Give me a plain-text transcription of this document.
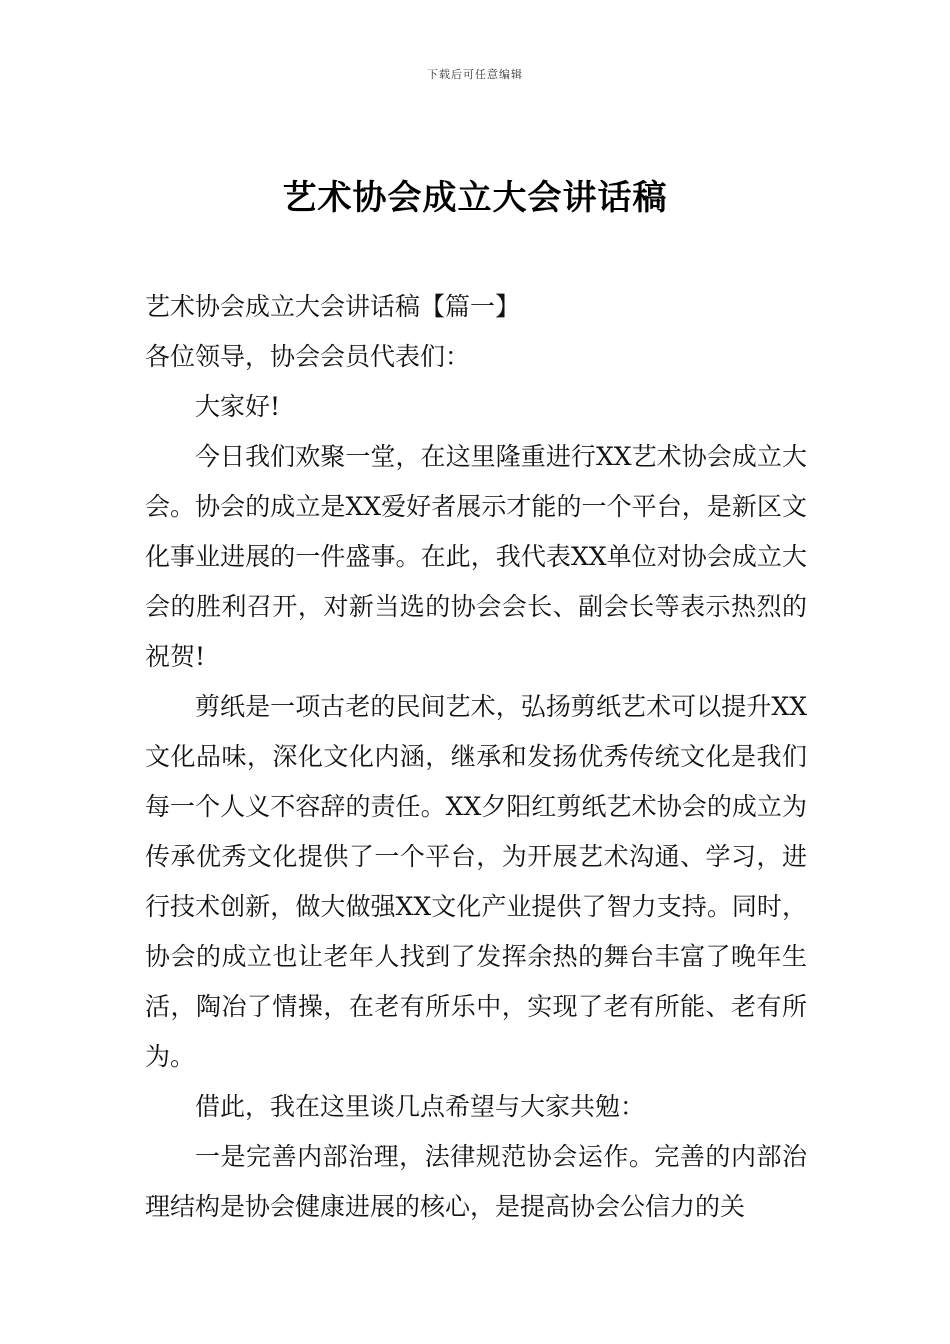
下载后可任意编辑
艺术协会成立大会讲话稿

艺术协会成立大会讲话稿【篇一】

各位领导，协会会员代表们：

大家好!

今日我们欢聚一堂，在这里隆重进行XX艺术协会成立大会。协会的成立是XX爱好者展示才能的一个平台，是新区文化事业进展的一件盛事。在此，我代表XX单位对协会成立大会的胜利召开，对新当选的协会会长、副会长等表示热烈的祝贺!

剪纸是一项古老的民间艺术，弘扬剪纸艺术可以提升XX文化品味，深化文化内涵，继承和发扬优秀传统文化是我们每一个人义不容辞的责任。XX夕阳红剪纸艺术协会的成立为传承优秀文化提供了一个平台，为开展艺术沟通、学习，进行技术创新，做大做强XX文化产业提供了智力支持。同时，协会的成立也让老年人找到了发挥余热的舞台丰富了晚年生活，陶冶了情操，在老有所乐中，实现了老有所能、老有所为。

借此，我在这里谈几点希望与大家共勉：

一是完善内部治理，法律规范协会运作。完善的内部治理结构是协会健康进展的核心，是提高协会公信力的关
